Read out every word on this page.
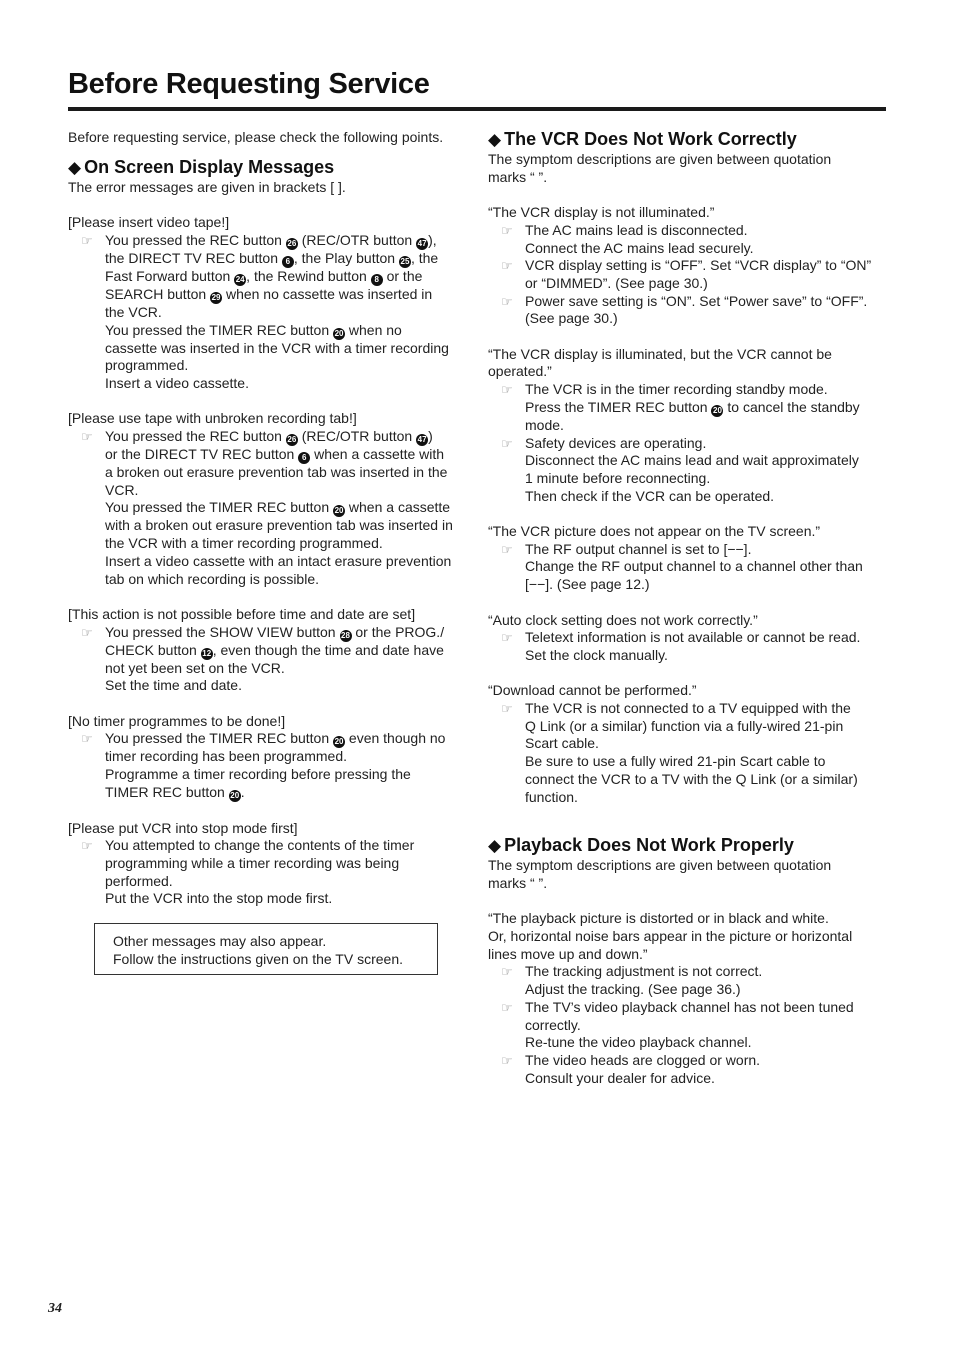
Before Requesting Service

Before requesting service, please check the following points.

◆ On Screen Display Messages

The error messages are given in brackets [ ].

[Please insert video tape!]

☞ You pressed the REC button 26 (REC/OTR button 47 ),
the DIRECT TV REC button 6 , the Play button 25 , the
Fast Forward button 24 , the Rewind button 8 or the
SEARCH button 29 when no cassette was inserted in
the VCR.
You pressed the TIMER REC button 20 when no
cassette was inserted in the VCR with a timer recording
programmed.
Insert a video cassette.

[Please use tape with unbroken recording tab!]

☞ You pressed the REC button 26 (REC/OTR button 47 )
or the DIRECT TV REC button 6 when a cassette with
a broken out erasure prevention tab was inserted in the
VCR.
You pressed the TIMER REC button 20 when a cassette
with a broken out erasure prevention tab was inserted in
the VCR with a timer recording programmed.
Insert a video cassette with an intact erasure prevention
tab on which recording is possible.

[This action is not possible before time and date are set]

☞ You pressed the SHOW VIEW button 28 or the PROG./
CHECK button 12 , even though the time and date have
not yet been set on the VCR.
Set the time and date.

[No timer programmes to be done!]

☞ You pressed the TIMER REC button 20 even though no
timer recording has been programmed.
Programme a timer recording before pressing the
TIMER REC button 20 .

[Please put VCR into stop mode first]

☞ You attempted to change the contents of the timer
programming while a timer recording was being
performed.
Put the VCR into the stop mode first.
Other messages may also appear.
Follow the instructions given on the TV screen.
◆ The VCR Does Not Work Correctly
The symptom descriptions are given between quotation
marks “ ”.
“The VCR display is not illuminated.”
☞ The AC mains lead is disconnected.
Connect the AC mains lead securely.
☞ VCR display setting is “OFF”. Set “VCR display” to “ON”
or “DIMMED”. (See page 30.)
☞ Power save setting is “ON”. Set “Power save” to “OFF”.
(See page 30.)
“The VCR display is illuminated, but the VCR cannot be
operated.”
☞ The VCR is in the timer recording standby mode.
Press the TIMER REC button 20 to cancel the standby
mode.
☞ Safety devices are operating.
Disconnect the AC mains lead and wait approximately
1 minute before reconnecting.
Then check if the VCR can be operated.
“The VCR picture does not appear on the TV screen.”
☞ The RF output channel is set to [−−].
Change the RF output channel to a channel other than
[−−]. (See page 12.)
“Auto clock setting does not work correctly.”
☞ Teletext information is not available or cannot be read.
Set the clock manually.
“Download cannot be performed.”
☞ The VCR is not connected to a TV equipped with the
Q Link (or a similar) function via a fully-wired 21-pin
Scart cable.
Be sure to use a fully wired 21-pin Scart cable to
connect the VCR to a TV with the Q Link (or a similar)
function.
◆ Playback Does Not Work Properly
The symptom descriptions are given between quotation
marks “ ”.
“The playback picture is distorted or in black and white.
Or, horizontal noise bars appear in the picture or horizontal
lines move up and down.”
☞ The tracking adjustment is not correct.
Adjust the tracking. (See page 36.)
☞ The TV’s video playback channel has not been tuned
correctly.
Re-tune the video playback channel.
☞ The video heads are clogged or worn.
Consult your dealer for advice.
34
